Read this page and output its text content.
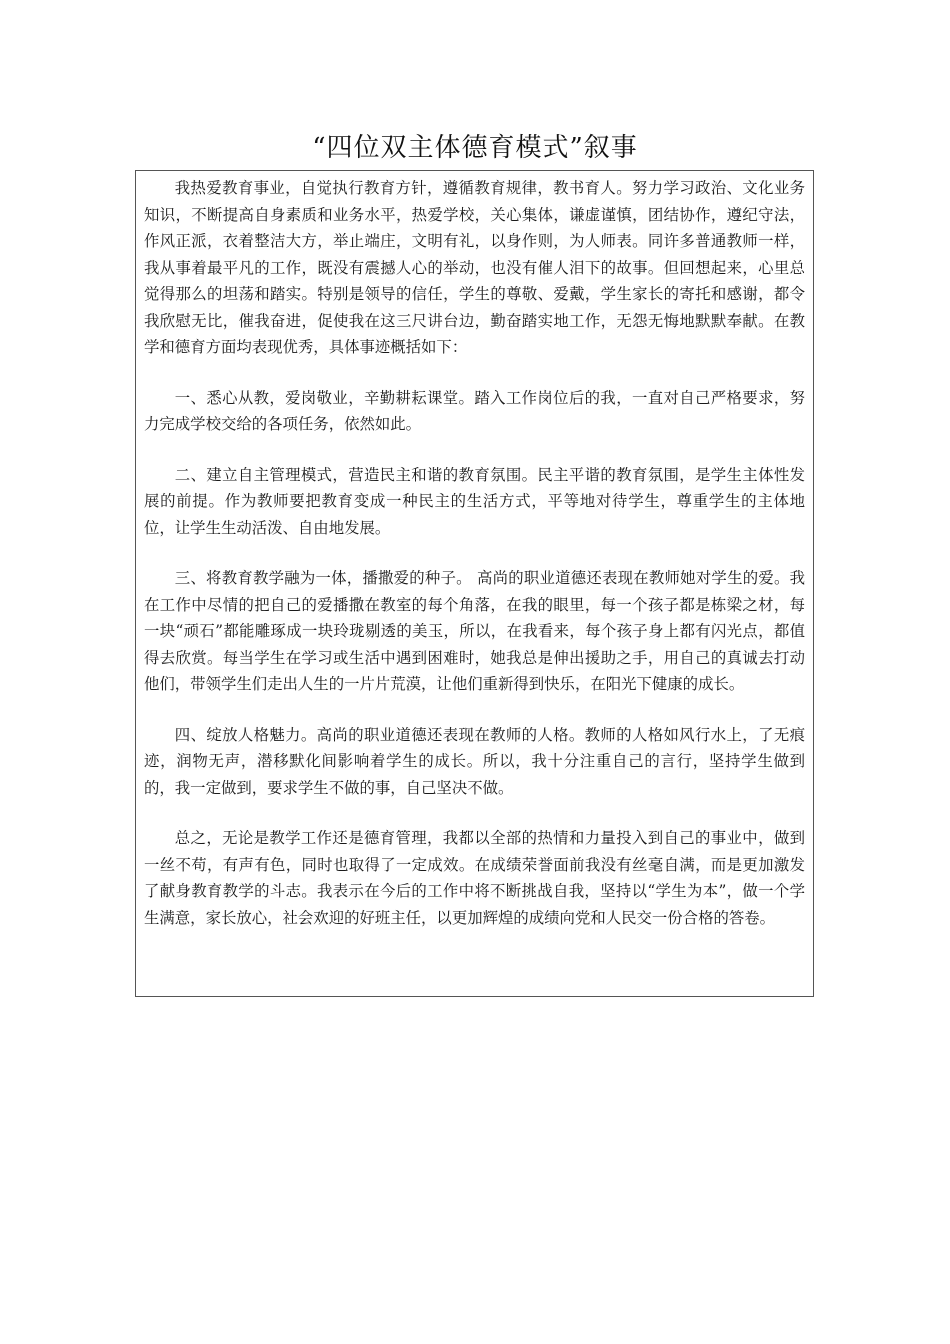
“四位双主体德育模式”叙事

我热爱教育事业，自觉执行教育方针，遵循教育规律，教书育人。努力学习政治、文化业务知识，不断提高自身素质和业务水平，热爱学校，关心集体，谦虚谨慎，团结协作，遵纪守法，作风正派，衣着整洁大方，举止端庄，文明有礼，以身作则，为人师表。同许多普通教师一样，我从事着最平凡的工作，既没有震撼人心的举动，也没有催人泪下的故事。但回想起来，心里总觉得那么的坦荡和踏实。特别是领导的信任，学生的尊敬、爱戴，学生家长的寄托和感谢，都令我欣慰无比，催我奋进，促使我在这三尺讲台边，勤奋踏实地工作，无怨无悔地默默奉献。在教学和德育方面均表现优秀，具体事迹概括如下：

一、悉心从教，爱岗敬业，辛勤耕耘课堂。踏入工作岗位后的我，一直对自己严格要求，努力完成学校交给的各项任务，依然如此。

二、建立自主管理模式，营造民主和谐的教育氛围。民主平谐的教育氛围，是学生主体性发展的前提。作为教师要把教育变成一种民主的生活方式，平等地对待学生，尊重学生的主体地位，让学生生动活泼、自由地发展。

三、将教育教学融为一体，播撒爱的种子。 高尚的职业道德还表现在教师她对学生的爱。我在工作中尽情的把自己的爱播撒在教室的每个角落，在我的眼里，每一个孩子都是栋梁之材，每一块“顽石”都能雕琢成一块玲珑剔透的美玉，所以，在我看来，每个孩子身上都有闪光点，都值得去欣赏。每当学生在学习或生活中遇到困难时，她我总是伸出援助之手，用自己的真诚去打动他们，带领学生们走出人生的一片片荒漠，让他们重新得到快乐，在阳光下健康的成长。

四、绽放人格魅力。高尚的职业道德还表现在教师的人格。教师的人格如风行水上，了无痕迹，润物无声，潜移默化间影响着学生的成长。所以，我十分注重自己的言行，坚持学生做到的，我一定做到，要求学生不做的事，自己坚决不做。

总之，无论是教学工作还是德育管理，我都以全部的热情和力量投入到自己的事业中，做到一丝不苟，有声有色，同时也取得了一定成效。在成绩荣誉面前我没有丝毫自满，而是更加激发了献身教育教学的斗志。我表示在今后的工作中将不断挑战自我，坚持以“学生为本”，做一个学生满意，家长放心，社会欢迎的好班主任，以更加辉煌的成绩向党和人民交一份合格的答卷。
